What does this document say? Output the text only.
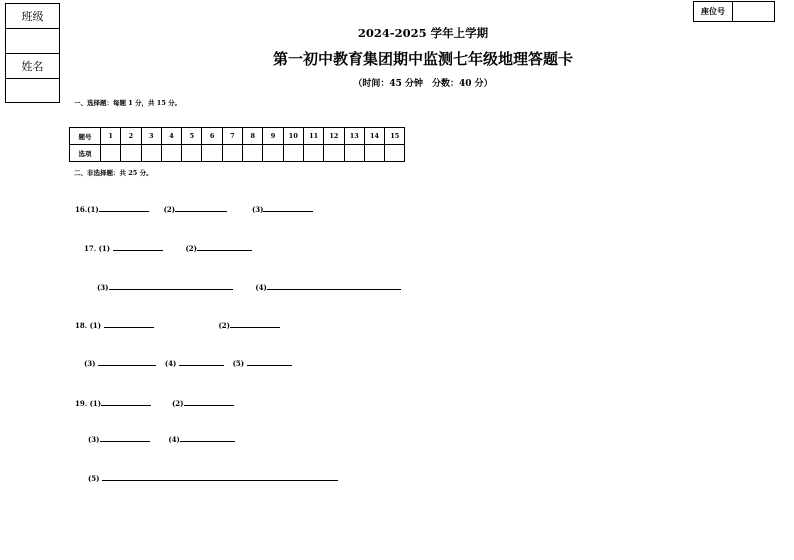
班级
姓名
座位号
2024-2025 学年上学期
第一初中教育集团期中监测七年级地理答题卡
（时间：45 分钟　分数：40 分）
一、选择题：每题 1 分，共 15 分。
题号	1	2	3	4	5	6	7	8	9	10	11	12	13	14	15
选项															
二、非选择题：共 25 分。
16.(1)	(2)	(3)
17. (1)	(2)
(3)	(4)
18. (1)	(2)
(3)	(4)	(5)
19. (1)	(2)
(3)	(4)
(5)
